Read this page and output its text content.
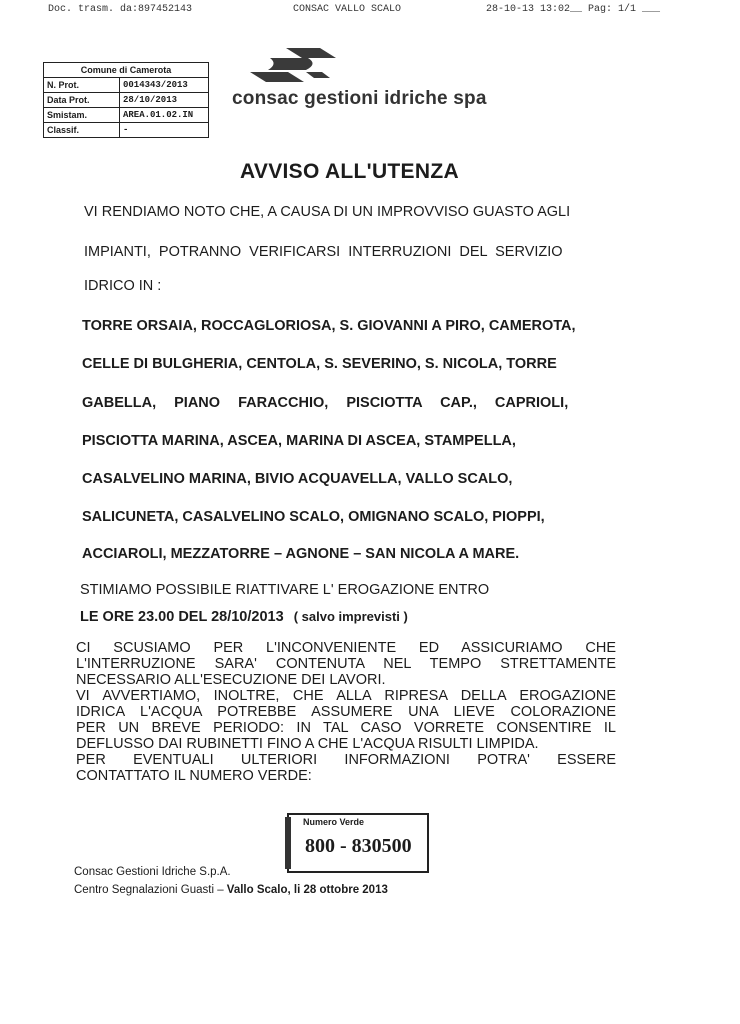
Doc. trasm. da:897452143	CONSAC VALLO SCALO	28-10-13 13:02__ Pag: 1/1 ___
Comune di Camerota
N. Prot.	0014343/2013
Data Prot.	28/10/2013
Smistam.	AREA.01.02.IN
Classif.	-
consac gestioni idriche spa
AVVISO ALL'UTENZA
VI RENDIAMO NOTO CHE, A CAUSA DI UN IMPROVVISO GUASTO AGLI
IMPIANTI,  POTRANNO  VERIFICARSI  INTERRUZIONI  DEL  SERVIZIO
IDRICO IN :
TORRE ORSAIA, ROCCAGLORIOSA, S. GIOVANNI A PIRO, CAMEROTA,
CELLE DI BULGHERIA, CENTOLA, S. SEVERINO, S. NICOLA, TORRE
GABELLA, PIANO FARACCHIO, PISCIOTTA CAP., CAPRIOLI,
PISCIOTTA MARINA, ASCEA, MARINA DI ASCEA, STAMPELLA,
CASALVELINO MARINA, BIVIO ACQUAVELLA, VALLO SCALO,
SALICUNETA, CASALVELINO SCALO, OMIGNANO SCALO, PIOPPI,
ACCIAROLI, MEZZATORRE – AGNONE – SAN NICOLA A MARE.
STIMIAMO POSSIBILE RIATTIVARE L' EROGAZIONE ENTRO
LE ORE 23.00 DEL 28/10/2013 ( salvo imprevisti )
CI SCUSIAMO PER L'INCONVENIENTE ED ASSICURIAMO CHE
L'INTERRUZIONE SARA' CONTENUTA NEL TEMPO STRETTAMENTE
NECESSARIO ALL'ESECUZIONE DEI LAVORI.
VI AVVERTIAMO, INOLTRE, CHE ALLA RIPRESA DELLA EROGAZIONE
IDRICA L'ACQUA POTREBBE ASSUMERE UNA LIEVE COLORAZIONE
PER UN BREVE PERIODO: IN TAL CASO VORRETE CONSENTIRE IL
DEFLUSSO DAI RUBINETTI FINO A CHE L'ACQUA RISULTI LIMPIDA.
PER EVENTUALI ULTERIORI INFORMAZIONI POTRA' ESSERE
CONTATTATO IL NUMERO VERDE:
Numero Verde
800 - 830500
Consac Gestioni Idriche S.p.A.
Centro Segnalazioni Guasti – Vallo Scalo, li 28 ottobre 2013
